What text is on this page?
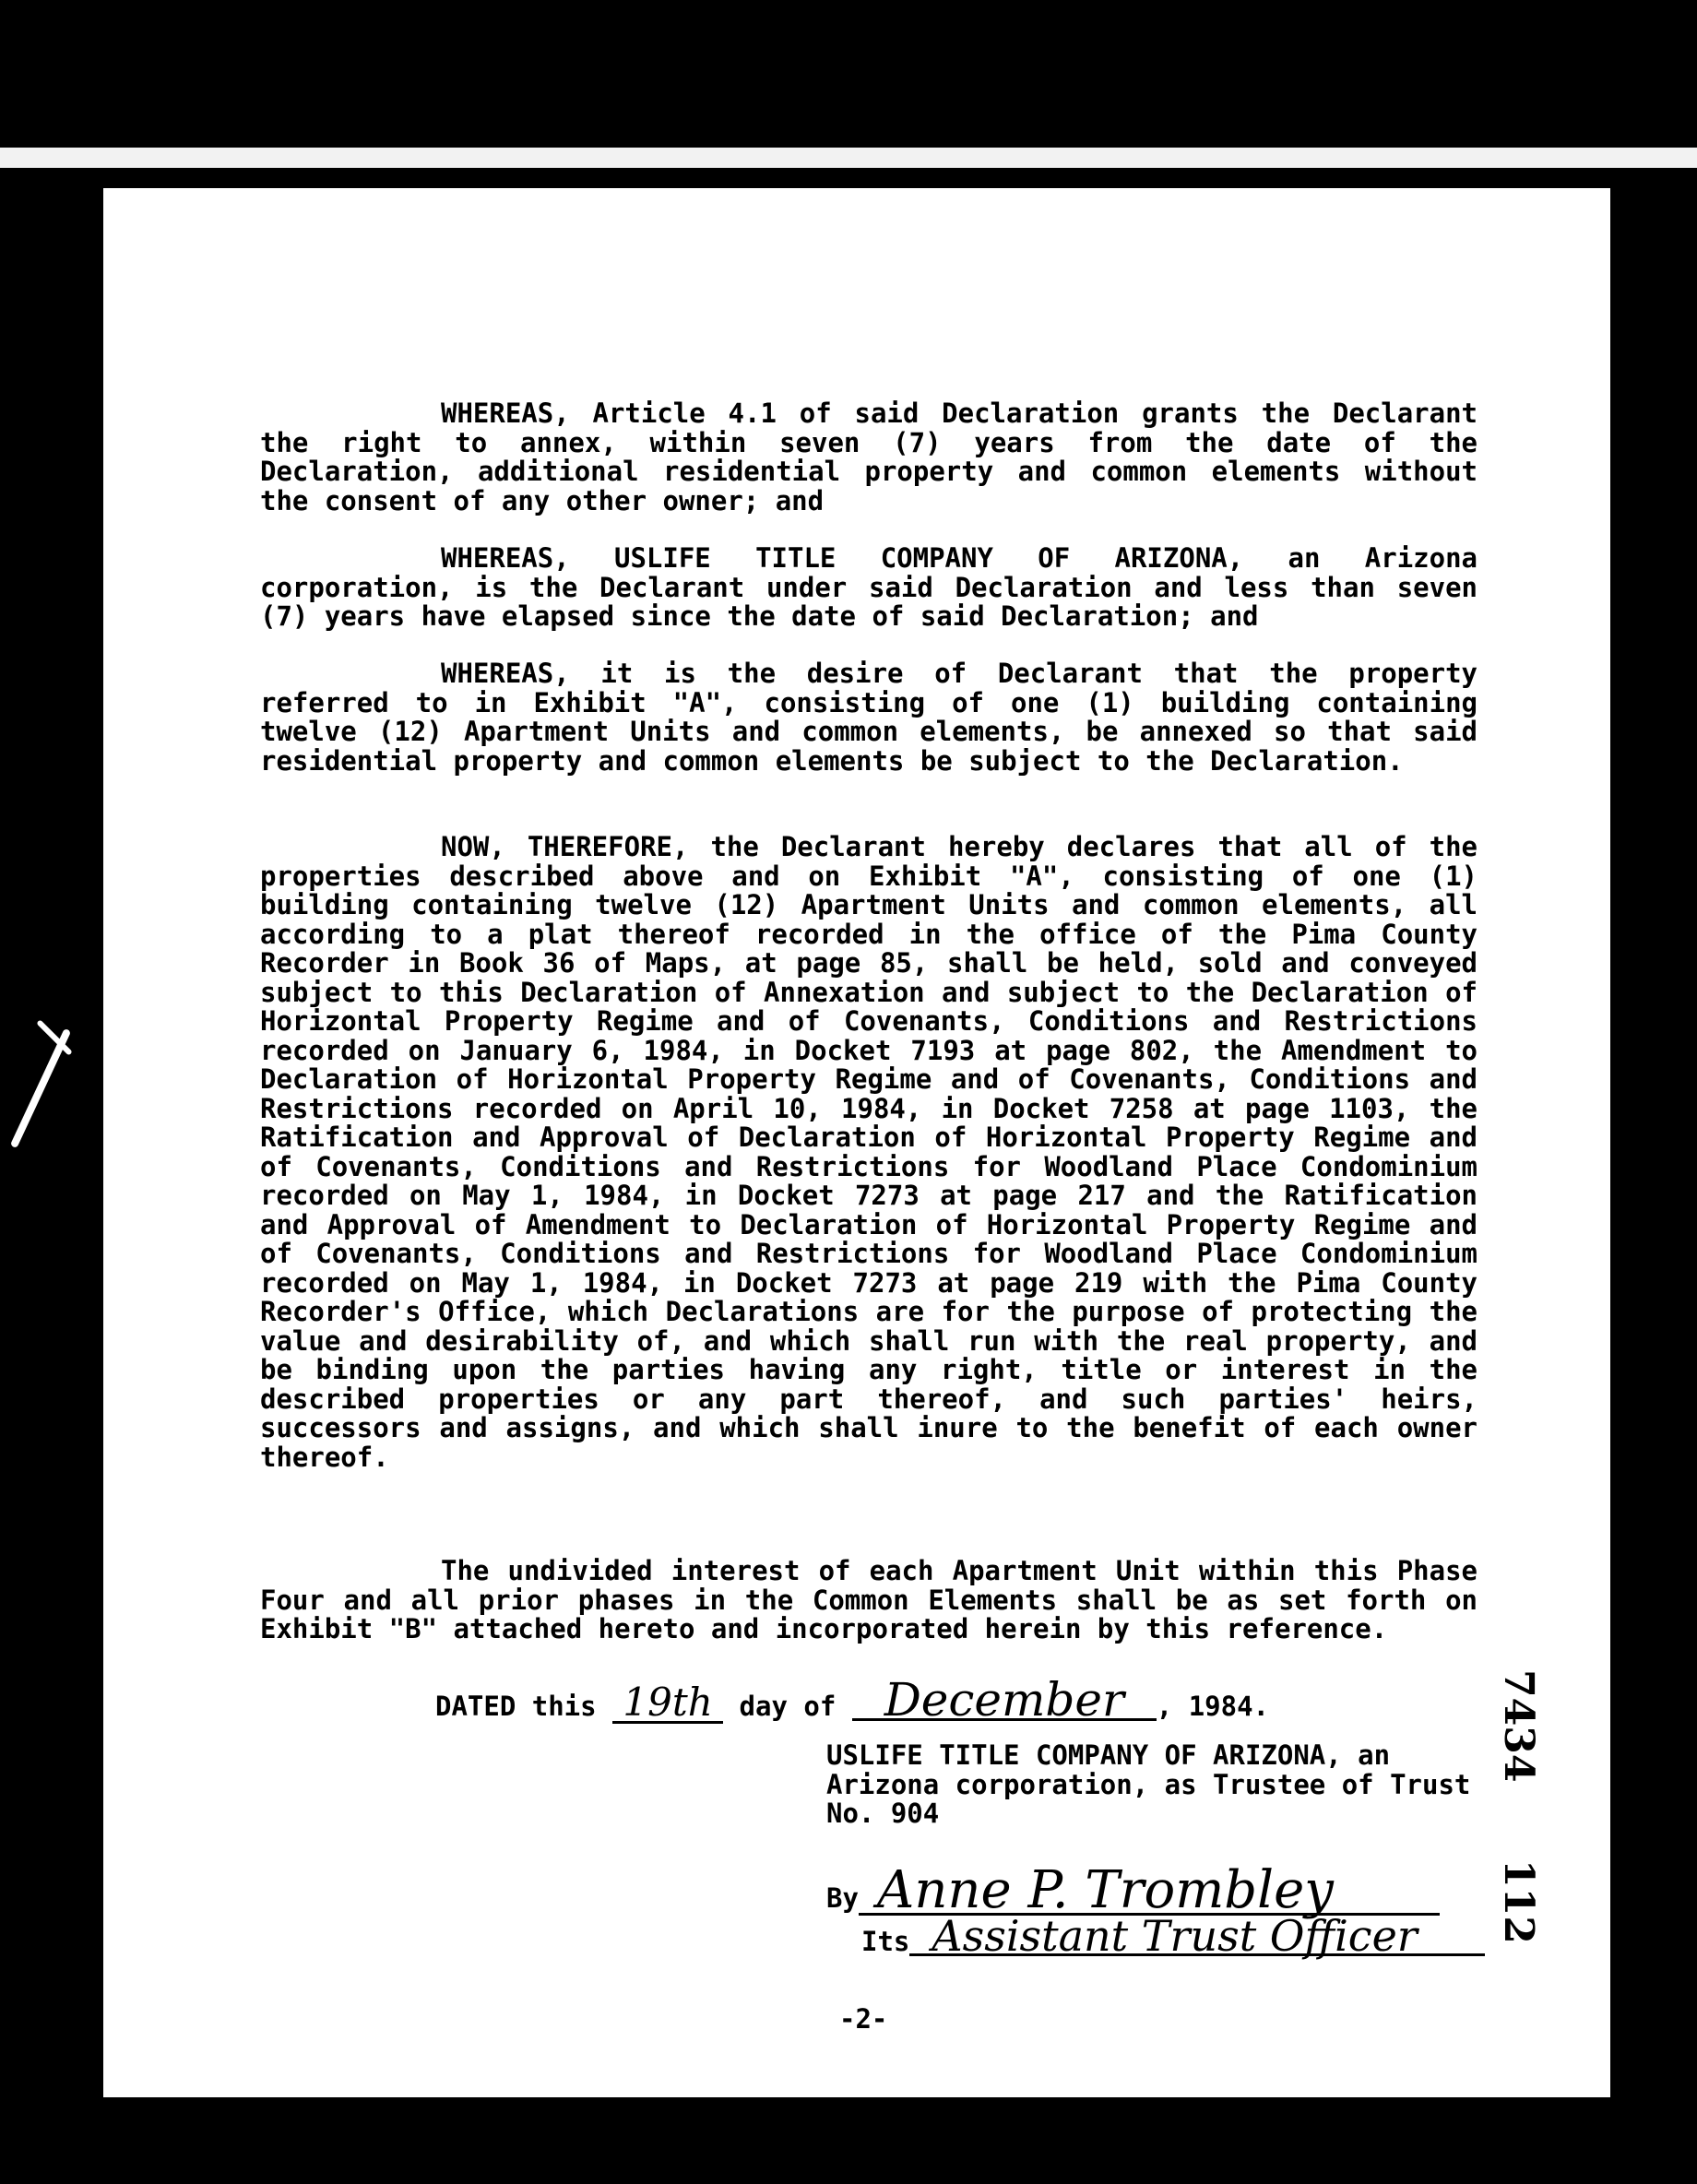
WHEREAS, Article 4.1 of said Declaration grants the Declarant the right to annex, within seven (7) years from the date of the Declaration, additional residential property and common elements without the consent of any other owner; and

WHEREAS, USLIFE TITLE COMPANY OF ARIZONA, an Arizona corporation, is the Declarant under said Declaration and less than seven (7) years have elapsed since the date of said Declaration; and

WHEREAS, it is the desire of Declarant that the property referred to in Exhibit "A", consisting of one (1) building containing twelve (12) Apartment Units and common elements, be annexed so that said residential property and common elements be subject to the Declaration.

NOW, THEREFORE, the Declarant hereby declares that all of the properties described above and on Exhibit "A", consisting of one (1) building containing twelve (12) Apartment Units and common elements, all according to a plat thereof recorded in the office of the Pima County Recorder in Book 36 of Maps, at page 85, shall be held, sold and conveyed subject to this Declaration of Annexation and subject to the Declaration of Horizontal Property Regime and of Covenants, Conditions and Restrictions recorded on January 6, 1984, in Docket 7193 at page 802, the Amendment to Declaration of Horizontal Property Regime and of Covenants, Conditions and Restrictions recorded on April 10, 1984, in Docket 7258 at page 1103, the Ratification and Approval of Declaration of Horizontal Property Regime and of Covenants, Conditions and Restrictions for Woodland Place Condominium recorded on May 1, 1984, in Docket 7273 at page 217 and the Ratification and Approval of Amendment to Declaration of Horizontal Property Regime and of Covenants, Conditions and Restrictions for Woodland Place Condominium recorded on May 1, 1984, in Docket 7273 at page 219 with the Pima County Recorder's Office, which Declarations are for the purpose of protecting the value and desirability of, and which shall run with the real property, and be binding upon the parties having any right, title or interest in the described properties or any part thereof, and such parties' heirs, successors and assigns, and which shall inure to the benefit of each owner thereof.

The undivided interest of each Apartment Unit within this Phase Four and all prior phases in the Common Elements shall be as set forth on Exhibit "B" attached hereto and incorporated herein by this reference.

DATED this 19th day of December , 1984.
USLIFE TITLE COMPANY OF ARIZONA, an Arizona corporation, as Trustee of Trust No. 904
By Anne P. Trombley
Its Assistant Trust Officer
-2-
7434
112
